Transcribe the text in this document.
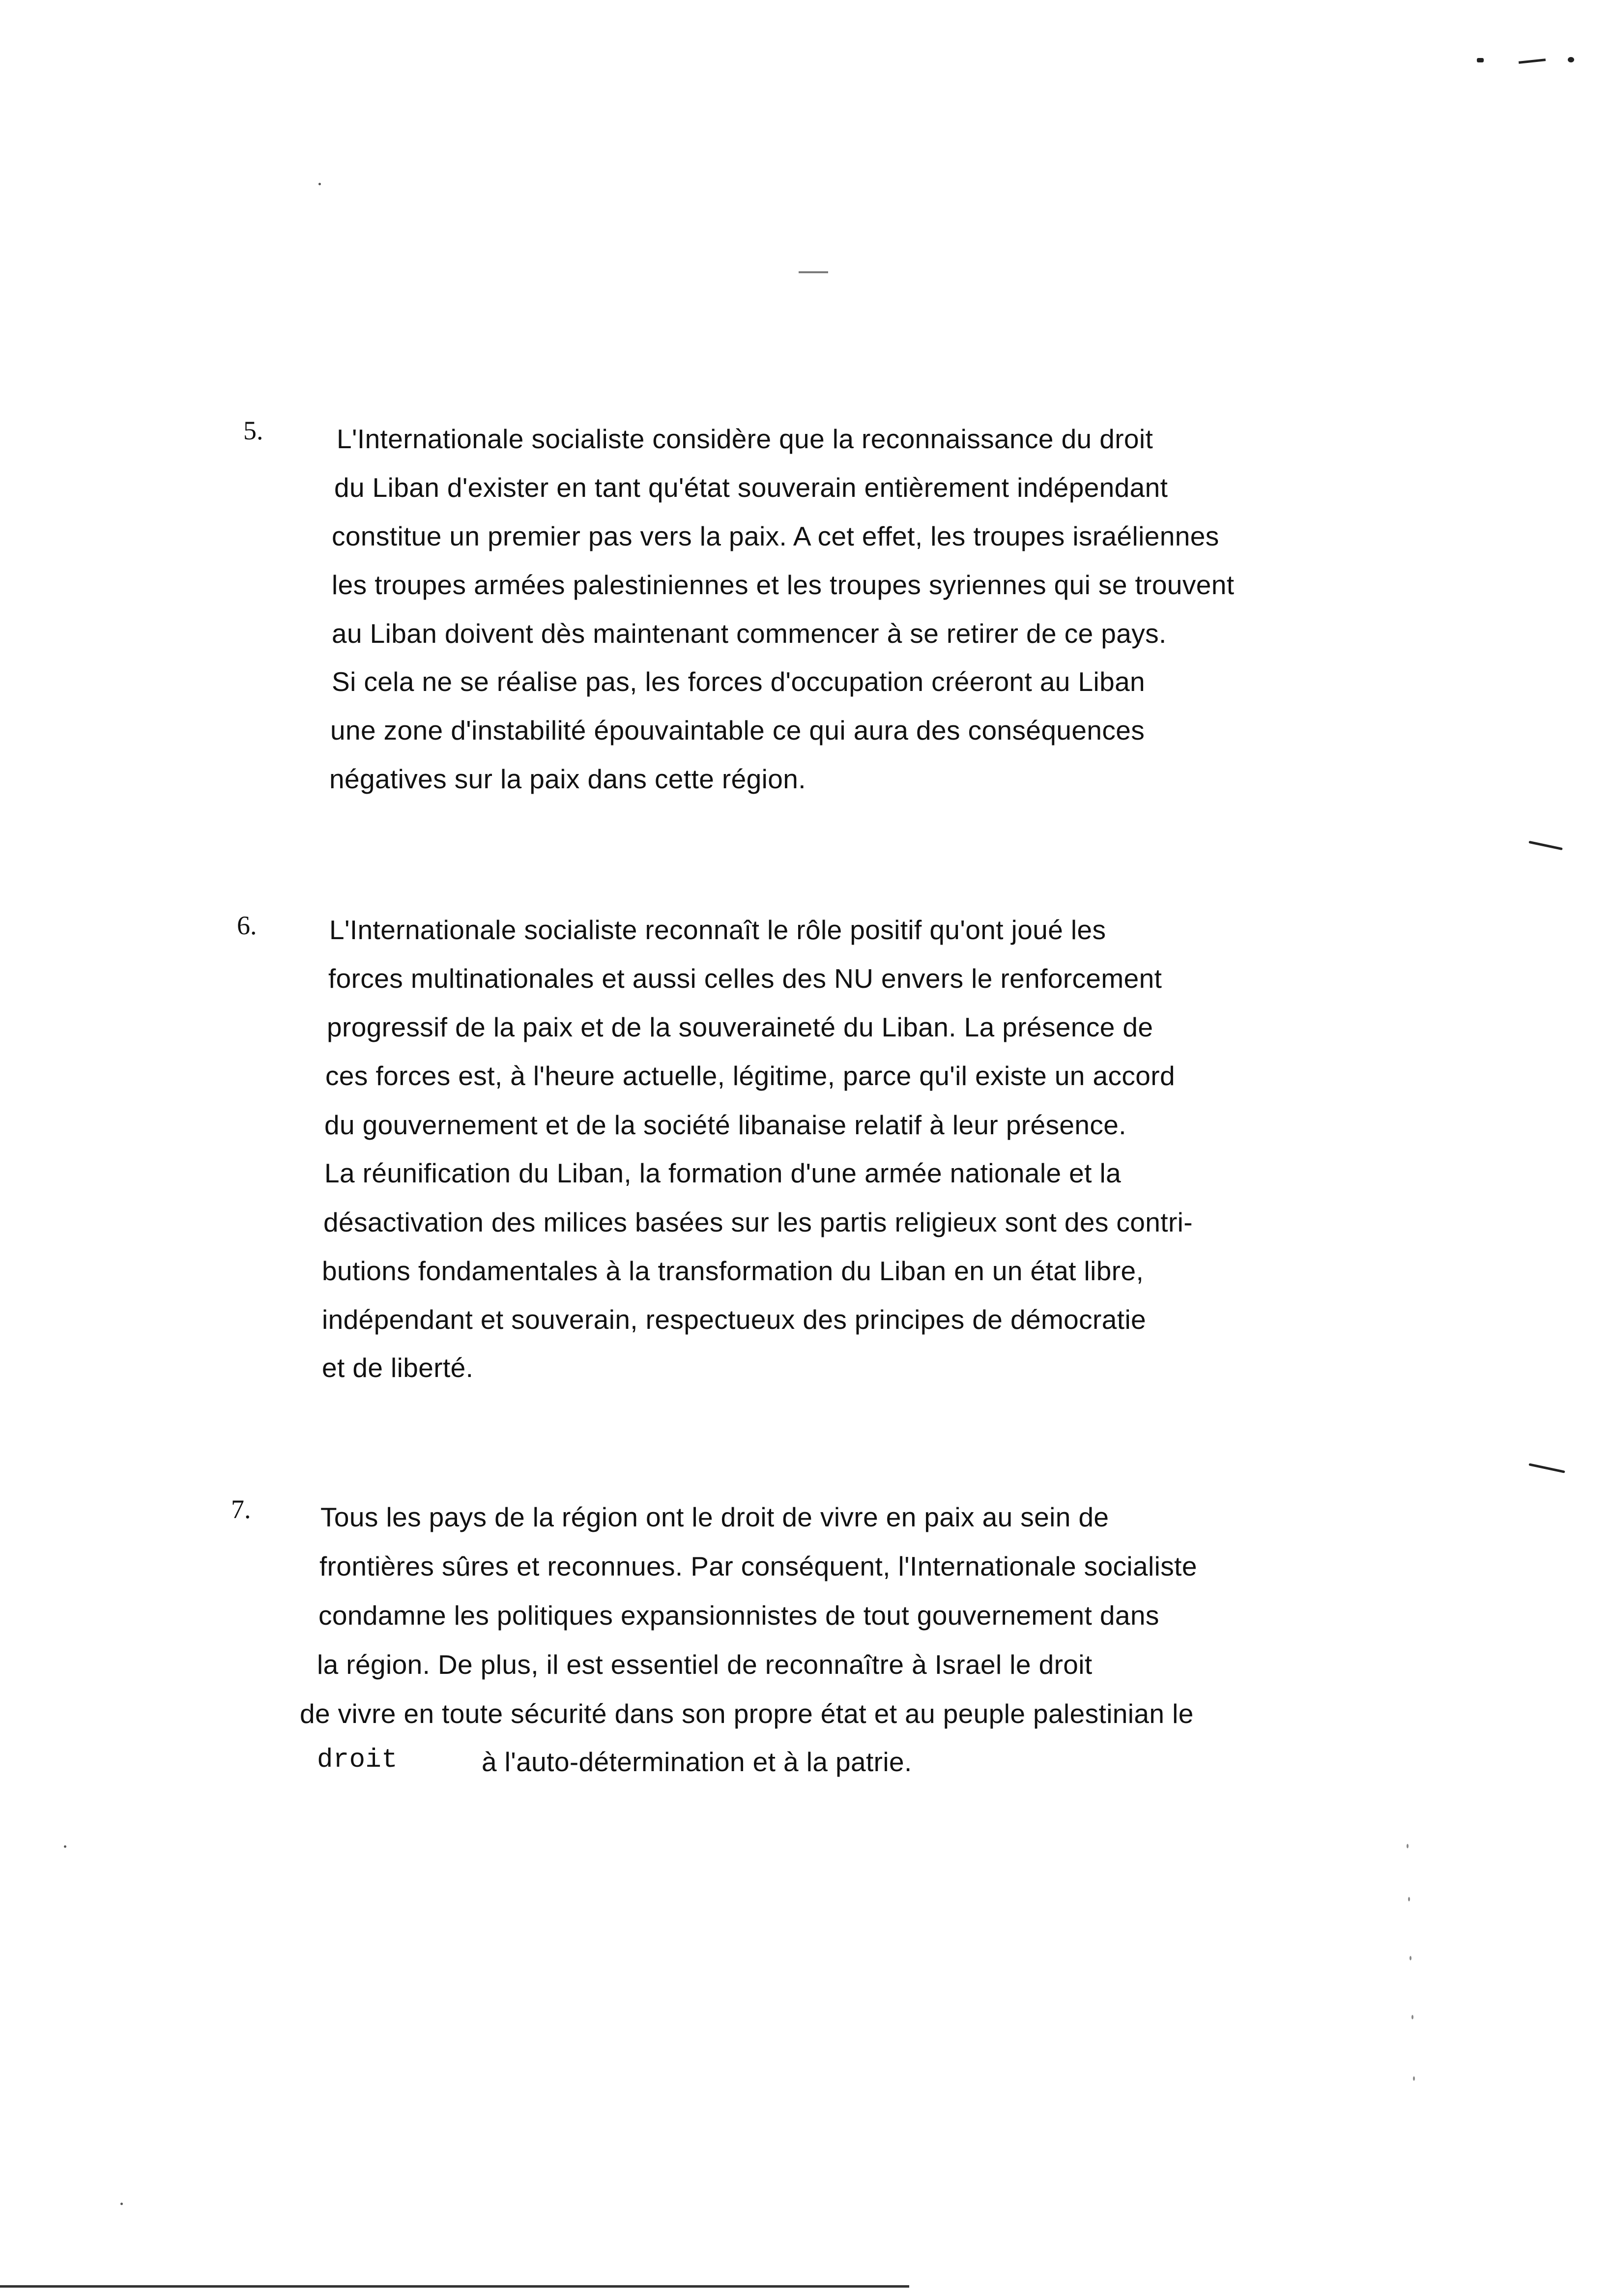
5.	L'Internationale socialiste considère que la reconnaissance du droit
du Liban d'exister en tant qu'état souverain entièrement indépendant
constitue un premier pas vers la paix. A cet effet, les troupes israéliennes
les troupes armées palestiniennes et les troupes syriennes qui se trouvent
au Liban doivent dès maintenant commencer à se retirer de ce pays.
Si cela ne se réalise pas, les forces d'occupation créeront au Liban
une zone d'instabilité épouvaintable ce qui aura des conséquences
négatives sur la paix dans cette région.
6.	L'Internationale socialiste reconnaît le rôle positif qu'ont joué les
forces multinationales et aussi celles des NU envers le renforcement
progressif de la paix et de la souveraineté du Liban. La présence de
ces forces est, à l'heure actuelle, légitime, parce qu'il existe un accord
du gouvernement et de la société libanaise relatif à leur présence.
La réunification du Liban, la formation d'une armée nationale et la
désactivation des milices basées sur les partis religieux sont des contri-
butions fondamentales à la transformation du Liban en un état libre,
indépendant et souverain, respectueux des principes de démocratie
et de liberté.
7.	Tous les pays de la région ont le droit de vivre en paix au sein de
frontières sûres et reconnues. Par conséquent, l'Internationale socialiste
condamne les politiques expansionnistes de tout gouvernement dans
la région. De plus, il est essentiel de reconnaître à Israel le droit
de vivre en toute sécurité dans son propre état et au peuple palestinian le
droit	à l'auto-détermination et à la patrie.
